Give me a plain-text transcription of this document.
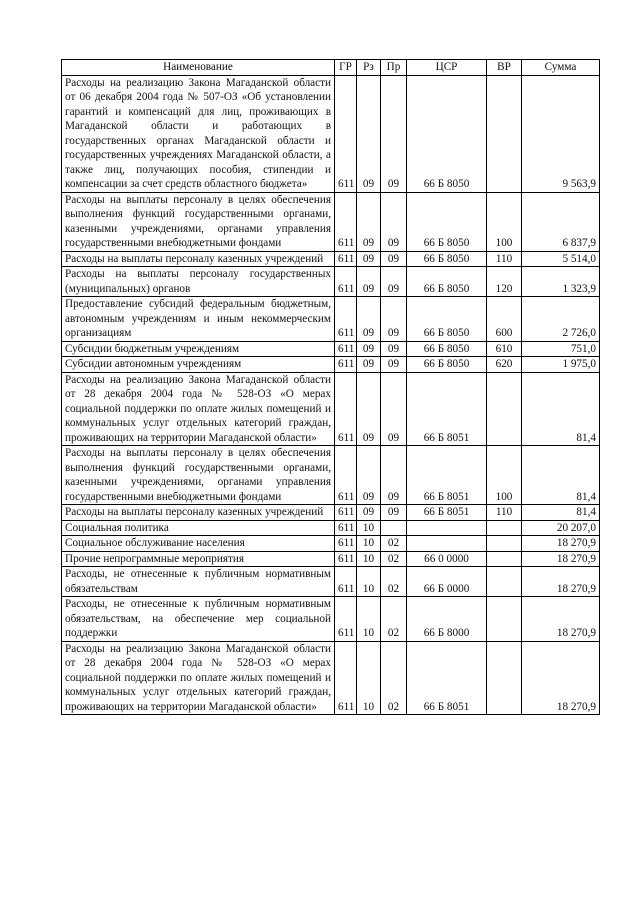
Наименование	ГР	Рз	Пр	ЦСР	ВР	Сумма
Расходы на реализацию Закона Магаданской области от 06 декабря 2004 года № 507-ОЗ «Об установлении гарантий и компенсаций для лиц, проживающих в Магаданской области и работающих в государственных органах Магаданской области и государственных учреждениях Магаданской области, а также лиц, получающих пособия, стипендии и компенсации за счет средств областного бюджета»	611	09	09	66 Б 8050		9 563,9
Расходы на выплаты персоналу в целях обеспечения выполнения функций государственными органами, казенными учреждениями, органами управления государственными внебюджетными фондами	611	09	09	66 Б 8050	100	6 837,9
Расходы на выплаты персоналу казенных учреждений	611	09	09	66 Б 8050	110	5 514,0
Расходы на выплаты персоналу государственных (муниципальных) органов	611	09	09	66 Б 8050	120	1 323,9
Предоставление субсидий федеральным бюджетным, автономным учреждениям и иным некоммерческим организациям	611	09	09	66 Б 8050	600	2 726,0
Субсидии бюджетным учреждениям	611	09	09	66 Б 8050	610	751,0
Субсидии автономным учреждениям	611	09	09	66 Б 8050	620	1 975,0
Расходы на реализацию Закона Магаданской области от 28 декабря 2004 года № 528-ОЗ «О мерах социальной поддержки по оплате жилых помещений и коммунальных услуг отдельных категорий граждан, проживающих на территории Магаданской области»	611	09	09	66 Б 8051		81,4
Расходы на выплаты персоналу в целях обеспечения выполнения функций государственными органами, казенными учреждениями, органами управления государственными внебюджетными фондами	611	09	09	66 Б 8051	100	81,4
Расходы на выплаты персоналу казенных учреждений	611	09	09	66 Б 8051	110	81,4
Социальная политика	611	10				20 207,0
Социальное обслуживание населения	611	10	02			18 270,9
Прочие непрограммные мероприятия	611	10	02	66 0 0000		18 270,9
Расходы, не отнесенные к публичным нормативным обязательствам	611	10	02	66 Б 0000		18 270,9
Расходы, не отнесенные к публичным нормативным обязательствам, на обеспечение мер социальной поддержки	611	10	02	66 Б 8000		18 270,9
Расходы на реализацию Закона Магаданской области от 28 декабря 2004 года № 528-ОЗ «О мерах социальной поддержки по оплате жилых помещений и коммунальных услуг отдельных категорий граждан, проживающих на территории Магаданской области»	611	10	02	66 Б 8051		18 270,9
